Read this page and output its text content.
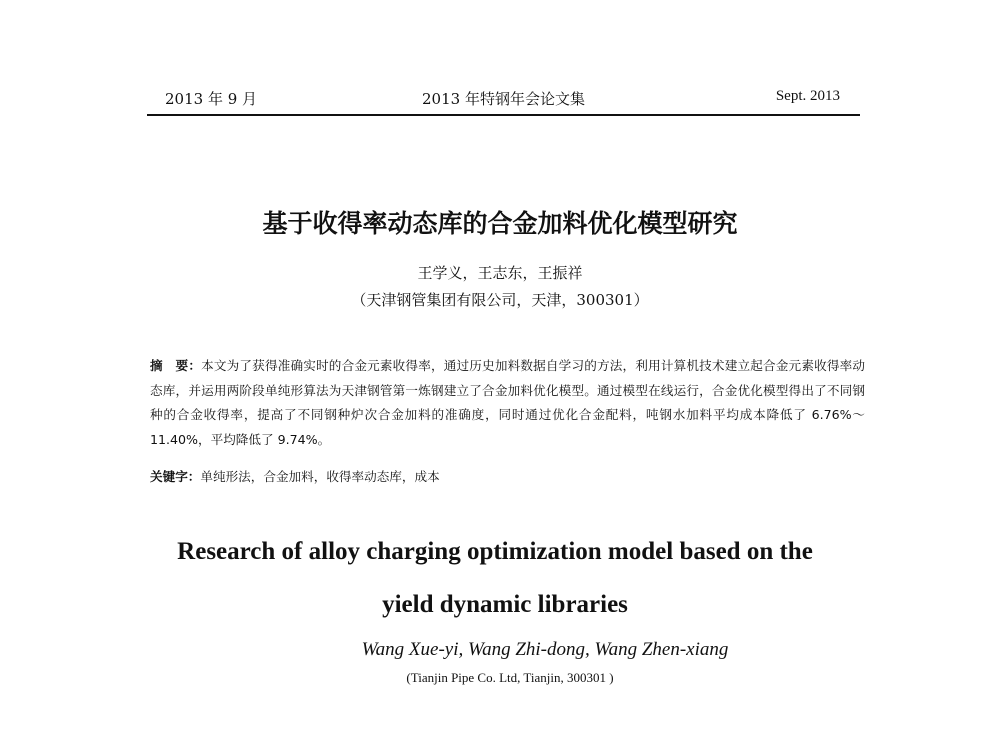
2013 年 9 月	2013 年特钢年会论文集	Sept. 2013
基于收得率动态库的合金加料优化模型研究
王学义，王志东，王振祥
（天津钢管集团有限公司，天津，300301）
摘　要：本文为了获得准确实时的合金元素收得率，通过历史加料数据自学习的方法，利用计算机技术建立起合金元素收得率动态库，并运用两阶段单纯形算法为天津钢管第一炼钢建立了合金加料优化模型。通过模型在线运行，合金优化模型得出了不同钢种的合金收得率，提高了不同钢种炉次合金加料的准确度，同时通过优化合金配料，吨钢水加料平均成本降低了 6.76%～11.40%，平均降低了 9.74%。
关键字：单纯形法，合金加料，收得率动态库，成本
Research of alloy charging optimization model based on the
yield dynamic libraries
Wang Xue-yi, Wang Zhi-dong, Wang Zhen-xiang
(Tianjin Pipe Co. Ltd, Tianjin, 300301 )
